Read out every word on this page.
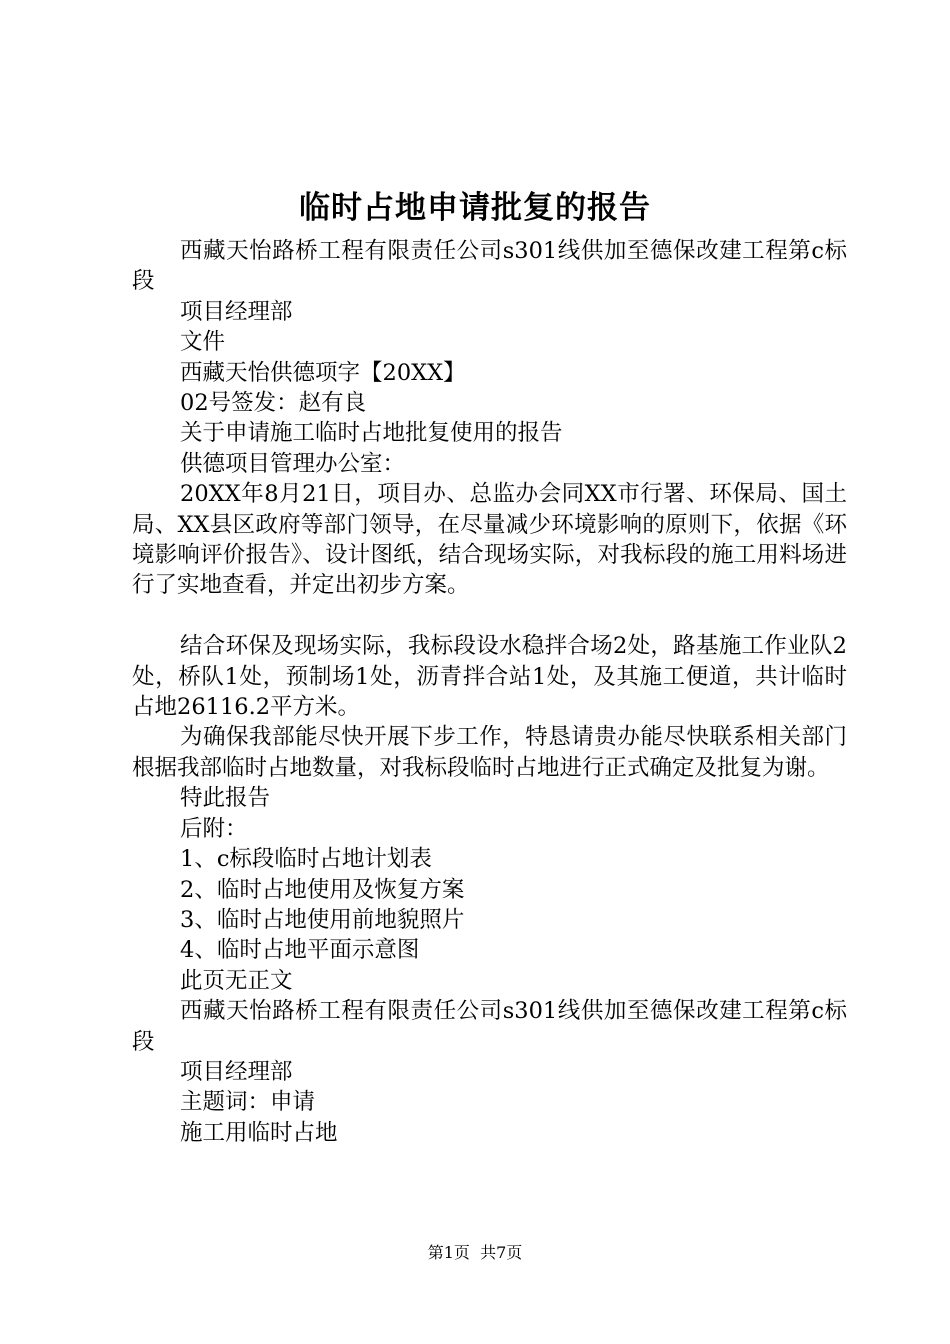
临时占地申请批复的报告

西藏天怡路桥工程有限责任公司s301线供加至德保改建工程第c标段

项目经理部

文件

西藏天怡供德项字【20XX】

02号签发：赵有良

关于申请施工临时占地批复使用的报告

供德项目管理办公室：

20XX年8月21日，项目办、总监办会同XX市行署、环保局、国土局、XX县区政府等部门领导，在尽量减少环境影响的原则下，依据《环境影响评价报告》、设计图纸，结合现场实际，对我标段的施工用料场进行了实地查看，并定出初步方案。

结合环保及现场实际，我标段设水稳拌合场2处，路基施工作业队2处，桥队1处，预制场1处，沥青拌合站1处，及其施工便道，共计临时占地26116.2平方米。

为确保我部能尽快开展下步工作，特恳请贵办能尽快联系相关部门根据我部临时占地数量，对我标段临时占地进行正式确定及批复为谢。

特此报告

后附：

1、c标段临时占地计划表

2、临时占地使用及恢复方案

3、临时占地使用前地貌照片

4、临时占地平面示意图

此页无正文

西藏天怡路桥工程有限责任公司s301线供加至德保改建工程第c标段

项目经理部

主题词：申请

施工用临时占地

第1页 共7页
